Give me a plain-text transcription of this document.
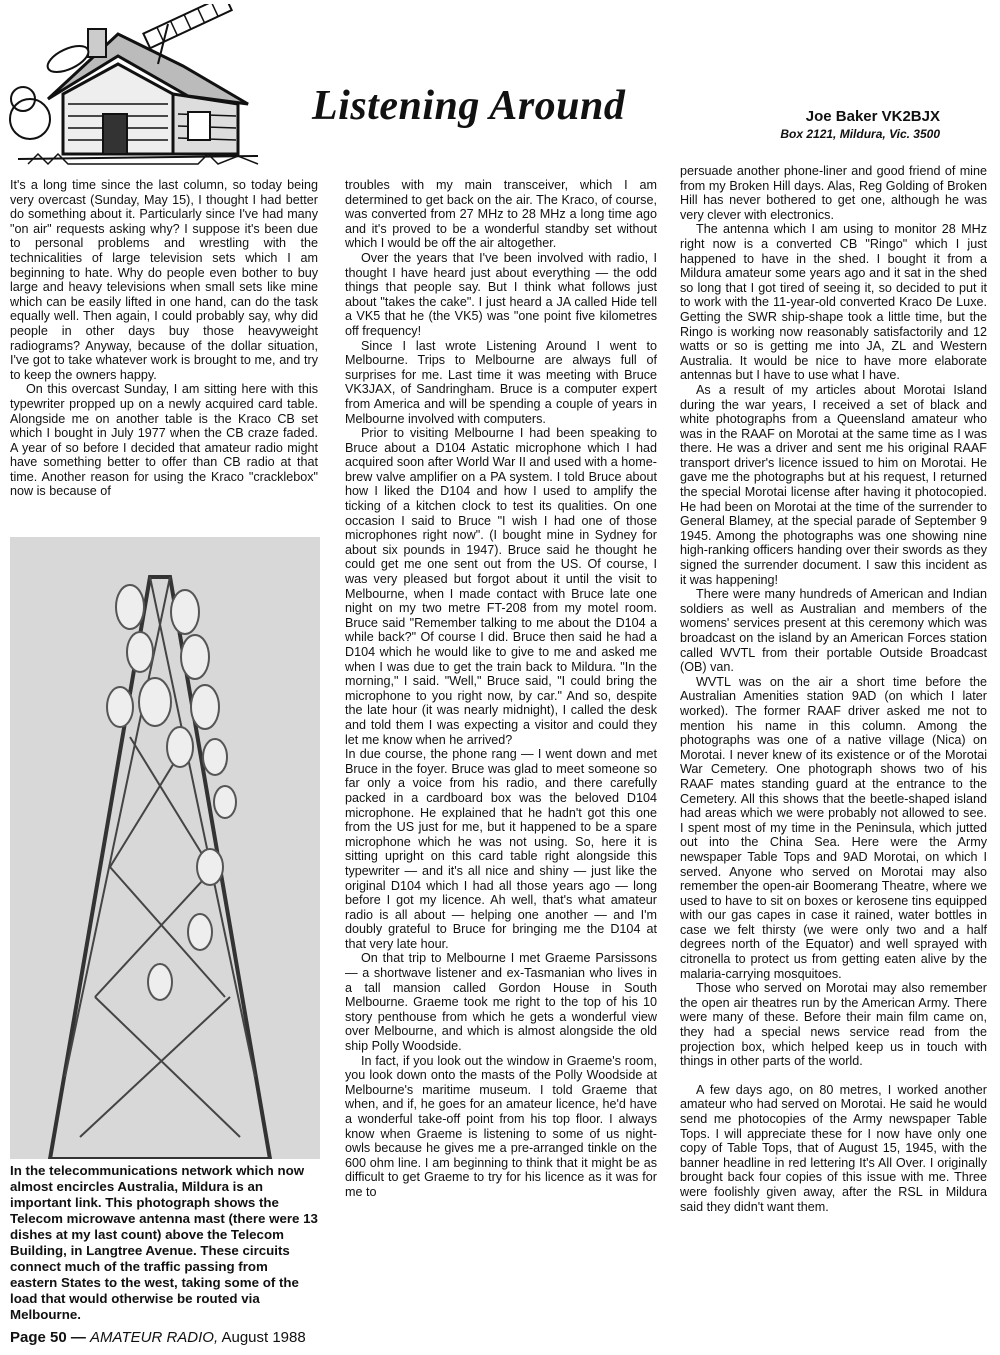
Listening Around	Joe Baker VK2BJX
Box 2121, Mildura, Vic. 3500

It's a long time since the last column, so today being very overcast (Sunday, May 15), I thought I had better do something about it. Particularly since I've had many "on air" requests asking why? I suppose it's been due to personal problems and wrestling with the technicalities of large television sets which I am beginning to hate. Why do people even bother to buy large and heavy televisions when small sets like mine which can be easily lifted in one hand, can do the task equally well. Then again, I could probably say, why did people in other days buy those heavyweight radiograms? Anyway, because of the dollar situation, I've got to take whatever work is brought to me, and try to keep the owners happy.

On this overcast Sunday, I am sitting here with this typewriter propped up on a newly acquired card table. Alongside me on another table is the Kraco CB set which I bought in July 1977 when the CB craze faded. A year of so before I decided that amateur radio might have something better to offer than CB radio at that time. Another reason for using the Kraco "cracklebox" now is because of

In the telecommunications network which now almost encircles Australia, Mildura is an important link. This photograph shows the Telecom microwave antenna mast (there were 13 dishes at my last count) above the Telecom Building, in Langtree Avenue. These circuits connect much of the traffic passing from eastern States to the west, taking some of the load that would otherwise be routed via Melbourne.

troubles with my main transceiver, which I am determined to get back on the air. The Kraco, of course, was converted from 27 MHz to 28 MHz a long time ago and it's proved to be a wonderful standby set without which I would be off the air altogether.

Over the years that I've been involved with radio, I thought I have heard just about everything — the odd things that people say. But I think what follows just about "takes the cake". I just heard a JA called Hide tell a VK5 that he (the VK5) was "one point five kilometres off frequency!

Since I last wrote Listening Around I went to Melbourne. Trips to Melbourne are always full of surprises for me. Last time it was meeting with Bruce VK3JAX, of Sandringham. Bruce is a computer expert from America and will be spending a couple of years in Melbourne involved with computers.

Prior to visiting Melbourne I had been speaking to Bruce about a D104 Astatic microphone which I had acquired soon after World War II and used with a home-brew valve amplifier on a PA system. I told Bruce about how I liked the D104 and how I used to amplify the ticking of a kitchen clock to test its qualities. On one occasion I said to Bruce "I wish I had one of those microphones right now". (I bought mine in Sydney for about six pounds in 1947). Bruce said he thought he could get me one sent out from the US. Of course, I was very pleased but forgot about it until the visit to Melbourne, when I made contact with Bruce late one night on my two metre FT-208 from my motel room. Bruce said "Remember talking to me about the D104 a while back?" Of course I did. Bruce then said he had a D104 which he would like to give to me and asked me when I was due to get the train back to Mildura. "In the morning," I said. "Well," Bruce said, "I could bring the microphone to you right now, by car." And so, despite the late hour (it was nearly midnight), I called the desk and told them I was expecting a visitor and could they let me know when he arrived?

In due course, the phone rang — I went down and met Bruce in the foyer. Bruce was glad to meet someone so far only a voice from his radio, and there carefully packed in a cardboard box was the beloved D104 microphone. He explained that he hadn't got this one from the US just for me, but it happened to be a spare microphone which he was not using. So, here it is sitting upright on this card table right alongside this typewriter — and it's all nice and shiny — just like the original D104 which I had all those years ago — long before I got my licence. Ah well, that's what amateur radio is all about — helping one another — and I'm doubly grateful to Bruce for bringing me the D104 at that very late hour.

On that trip to Melbourne I met Graeme Parsissons — a shortwave listener and ex-Tasmanian who lives in a tall mansion called Gordon House in South Melbourne. Graeme took me right to the top of his 10 story penthouse from which he gets a wonderful view over Melbourne, and which is almost alongside the old ship Polly Woodside.

In fact, if you look out the window in Graeme's room, you look down onto the masts of the Polly Woodside at Melbourne's maritime museum. I told Graeme that when, and if, he goes for an amateur licence, he'd have a wonderful take-off point from his top floor. I always know when Graeme is listening to some of us night-owls because he gives me a pre-arranged tinkle on the 600 ohm line. I am beginning to think that it might be as difficult to get Graeme to try for his licence as it was for me to

persuade another phone-liner and good friend of mine from my Broken Hill days. Alas, Reg Golding of Broken Hill has never bothered to get one, although he was very clever with electronics.

The antenna which I am using to monitor 28 MHz right now is a converted CB "Ringo" which I just happened to have in the shed. I bought it from a Mildura amateur some years ago and it sat in the shed so long that I got tired of seeing it, so decided to put it to work with the 11-year-old converted Kraco De Luxe. Getting the SWR ship-shape took a little time, but the Ringo is working now reasonably satisfactorily and 12 watts or so is getting me into JA, ZL and Western Australia. It would be nice to have more elaborate antennas but I have to use what I have.

As a result of my articles about Morotai Island during the war years, I received a set of black and white photographs from a Queensland amateur who was in the RAAF on Morotai at the same time as I was there. He was a driver and sent me his original RAAF transport driver's licence issued to him on Morotai. He gave me the photographs but at his request, I returned the special Morotai license after having it photocopied. He had been on Morotai at the time of the surrender to General Blamey, at the special parade of September 9 1945. Among the photographs was one showing nine high-ranking officers handing over their swords as they signed the surrender document. I saw this incident as it was happening!

There were many hundreds of American and Indian soldiers as well as Australian and members of the womens' services present at this ceremony which was broadcast on the island by an American Forces station called WVTL from their portable Outside Broadcast (OB) van.

WVTL was on the air a short time before the Australian Amenities station 9AD (on which I later worked). The former RAAF driver asked me not to mention his name in this column. Among the photographs was one of a native village (Nica) on Morotai. I never knew of its existence or of the Morotai War Cemetery. One photograph shows two of his RAAF mates standing guard at the entrance to the Cemetery. All this shows that the beetle-shaped island had areas which we were probably not allowed to see. I spent most of my time in the Peninsula, which jutted out into the China Sea. Here were the Army newspaper Table Tops and 9AD Morotai, on which I served. Anyone who served on Morotai may also remember the open-air Boomerang Theatre, where we used to have to sit on boxes or kerosene tins equipped with our gas capes in case it rained, water bottles in case we felt thirsty (we were only two and a half degrees north of the Equator) and well sprayed with citronella to protect us from getting eaten alive by the malaria-carrying mosquitoes.

Those who served on Morotai may also remember the open air theatres run by the American Army. There were many of these. Before their main film came on, they had a special news service read from the projection box, which helped keep us in touch with things in other parts of the world.

A few days ago, on 80 metres, I worked another amateur who had served on Morotai. He said he would send me photocopies of the Army newspaper Table Tops. I will appreciate these for I now have only one copy of Table Tops, that of August 15, 1945, with the banner headline in red lettering It's All Over. I originally brought back four copies of this issue with me. Three were foolishly given away, after the RSL in Mildura said they didn't want them.

Page 50 — AMATEUR RADIO, August 1988
